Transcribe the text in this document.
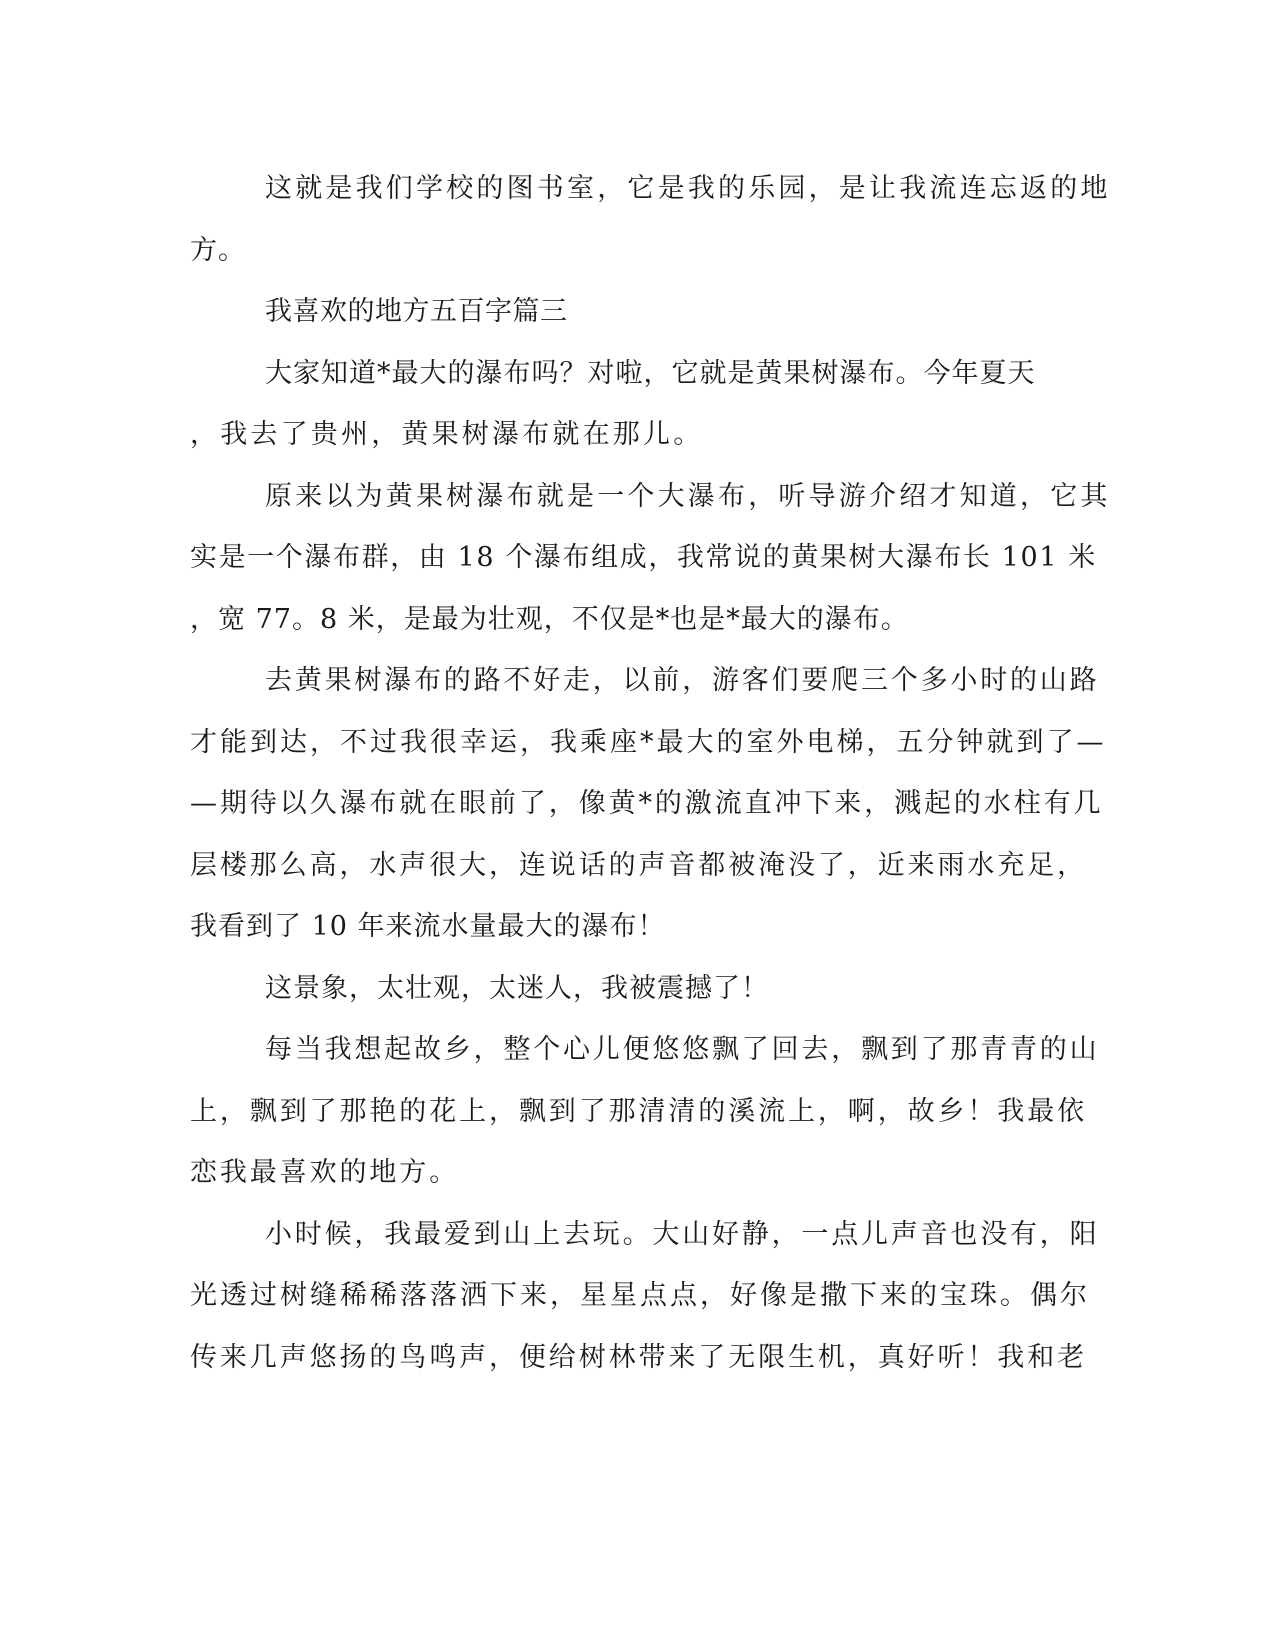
这就是我们学校的图书室，它是我的乐园，是让我流连忘返的地
方。
我喜欢的地方五百字篇三
大家知道*最大的瀑布吗？对啦，它就是黄果树瀑布。今年夏天
，我去了贵州，黄果树瀑布就在那儿。
原来以为黄果树瀑布就是一个大瀑布，听导游介绍才知道，它其
实是一个瀑布群，由 18 个瀑布组成，我常说的黄果树大瀑布长 101 米
，宽 77。8 米，是最为壮观，不仅是*也是*最大的瀑布。
去黄果树瀑布的路不好走，以前，游客们要爬三个多小时的山路
才能到达，不过我很幸运，我乘座*最大的室外电梯，五分钟就到了—
—期待以久瀑布就在眼前了，像黄*的激流直冲下来，溅起的水柱有几
层楼那么高，水声很大，连说话的声音都被淹没了，近来雨水充足，
我看到了 10 年来流水量最大的瀑布！
这景象，太壮观，太迷人，我被震撼了！
每当我想起故乡，整个心儿便悠悠飘了回去，飘到了那青青的山
上，飘到了那艳的花上，飘到了那清清的溪流上，啊，故乡！我最依
恋我最喜欢的地方。
小时候，我最爱到山上去玩。大山好静，一点儿声音也没有，阳
光透过树缝稀稀落落洒下来，星星点点，好像是撒下来的宝珠。偶尔
传来几声悠扬的鸟鸣声，便给树林带来了无限生机，真好听！我和老
